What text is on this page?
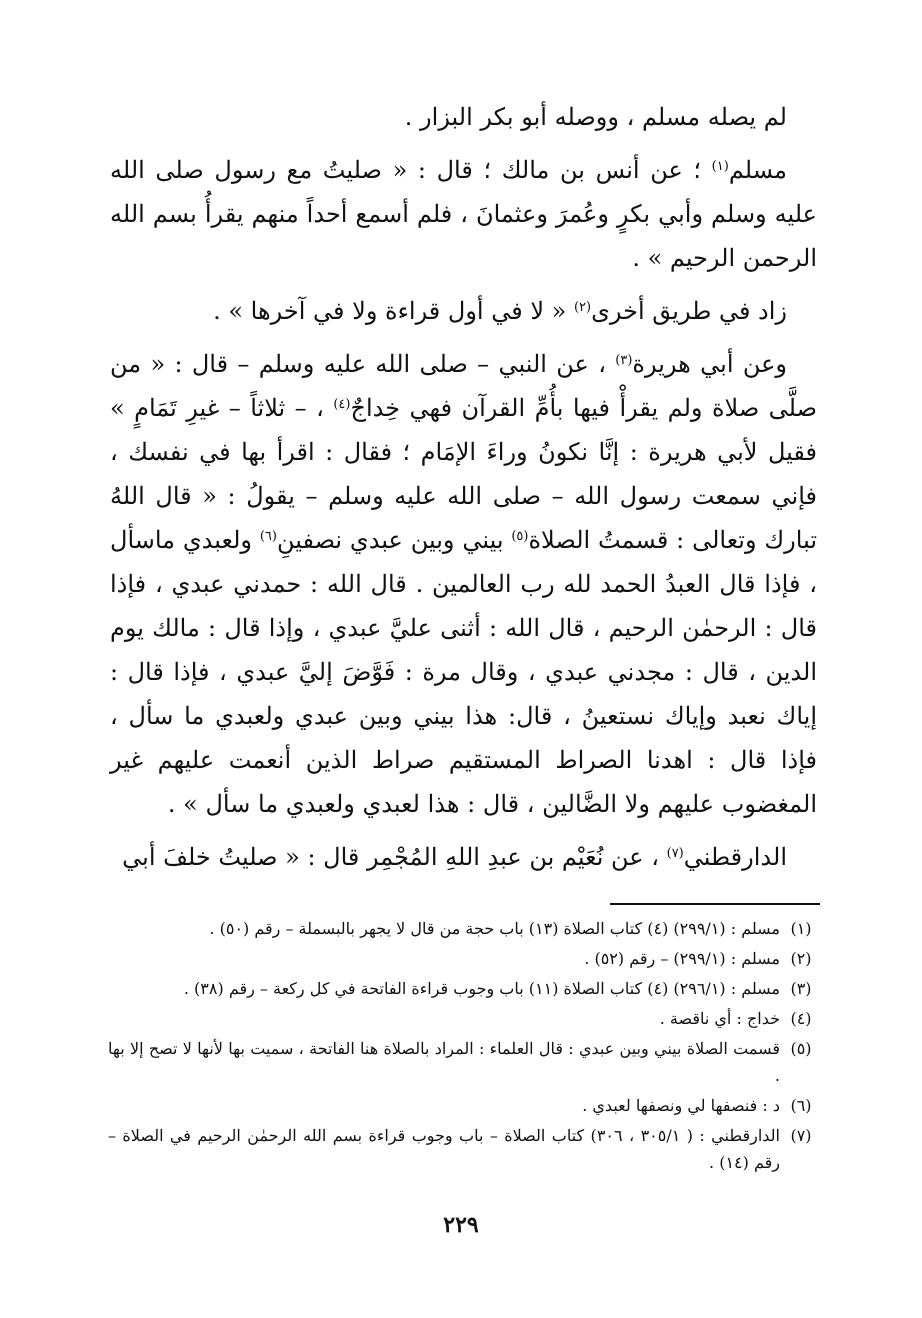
لم يصله مسلم ، ووصله أبو بكر البزار .

مسلم$^{(١)}$ ؛ عن أنس بن مالك ؛ قال : « صليتُ مع رسول صلى الله عليه وسلم وأبي بكرٍ وعُمرَ وعثمانَ ، فلم أسمع أحداً منهم يقرأُ بسم الله الرحمن الرحيم » .

زاد في طريق أخرى$^{(٢)}$ « لا في أول قراءة ولا في آخرها » .

وعن أبي هريرة$^{(٣)}$ ، عن النبي – صلى الله عليه وسلم – قال : « من صلَّى صلاة ولم يقرأْ فيها بأُمِّ القرآن فهي خِداجٌ$^{(٤)}$ ، – ثلاثاً – غيرِ تَمَامٍ » فقيل لأبي هريرة : إنَّا نكونُ وراءَ الإمَام ؛ فقال : اقرأ بها في نفسك ، فإني سمعت رسول الله – صلى الله عليه وسلم – يقولُ : « قال اللهُ تبارك وتعالى : قسمتُ الصلاة$^{(٥)}$ بيني وبين عبدي نصفينِ$^{(٦)}$ ولعبدي ماسأل ، فإذا قال العبدُ الحمد لله رب العالمين . قال الله : حمدني عبدي ، فإذا قال : الرحمٰن الرحيم ، قال الله : أثنى عليَّ عبدي ، وإذا قال : مالك يوم الدين ، قال : مجدني عبدي ، وقال مرة : فَوَّضَ إليَّ عبدي ، فإذا قال : إياك نعبد وإياك نستعينُ ، قال: هذا بيني وبين عبدي ولعبدي ما سأل ، فإذا قال : اهدنا الصراط المستقيم صراط الذين أنعمت عليهم غير المغضوب عليهم ولا الضَّالين ، قال : هذا لعبدي ولعبدي ما سأل » .

الدارقطني$^{(٧)}$ ، عن نُعَيْم بن عبدِ اللهِ المُجْمِر قال : « صليتُ خلفَ أبي

(١)
مسلم : (٢٩٩/١) (٤) كتاب الصلاة (١٣) باب حجة من قال لا يجهر بالبسملة – رقم (٥٠) .
(٢)
مسلم : (٢٩٩/١) – رقم (٥٢) .
(٣)
مسلم : (٢٩٦/١) (٤) كتاب الصلاة (١١) باب وجوب قراءة الفاتحة في كل ركعة – رقم (٣٨) .
(٤)
خداج : أي ناقصة .
(٥)
قسمت الصلاة بيني وبين عبدي : قال العلماء : المراد بالصلاة هنا الفاتحة ، سميت بها لأنها لا تصح إلا بها .
(٦)
د : فنصفها لي ونصفها لعبدي .
(٧)
الدارقطني : ( ٣٠٥/١ ، ٣٠٦) كتاب الصلاة – باب وجوب قراءة بسم الله الرحمٰن الرحيم في الصلاة – رقم (١٤) .
٢٢٩
